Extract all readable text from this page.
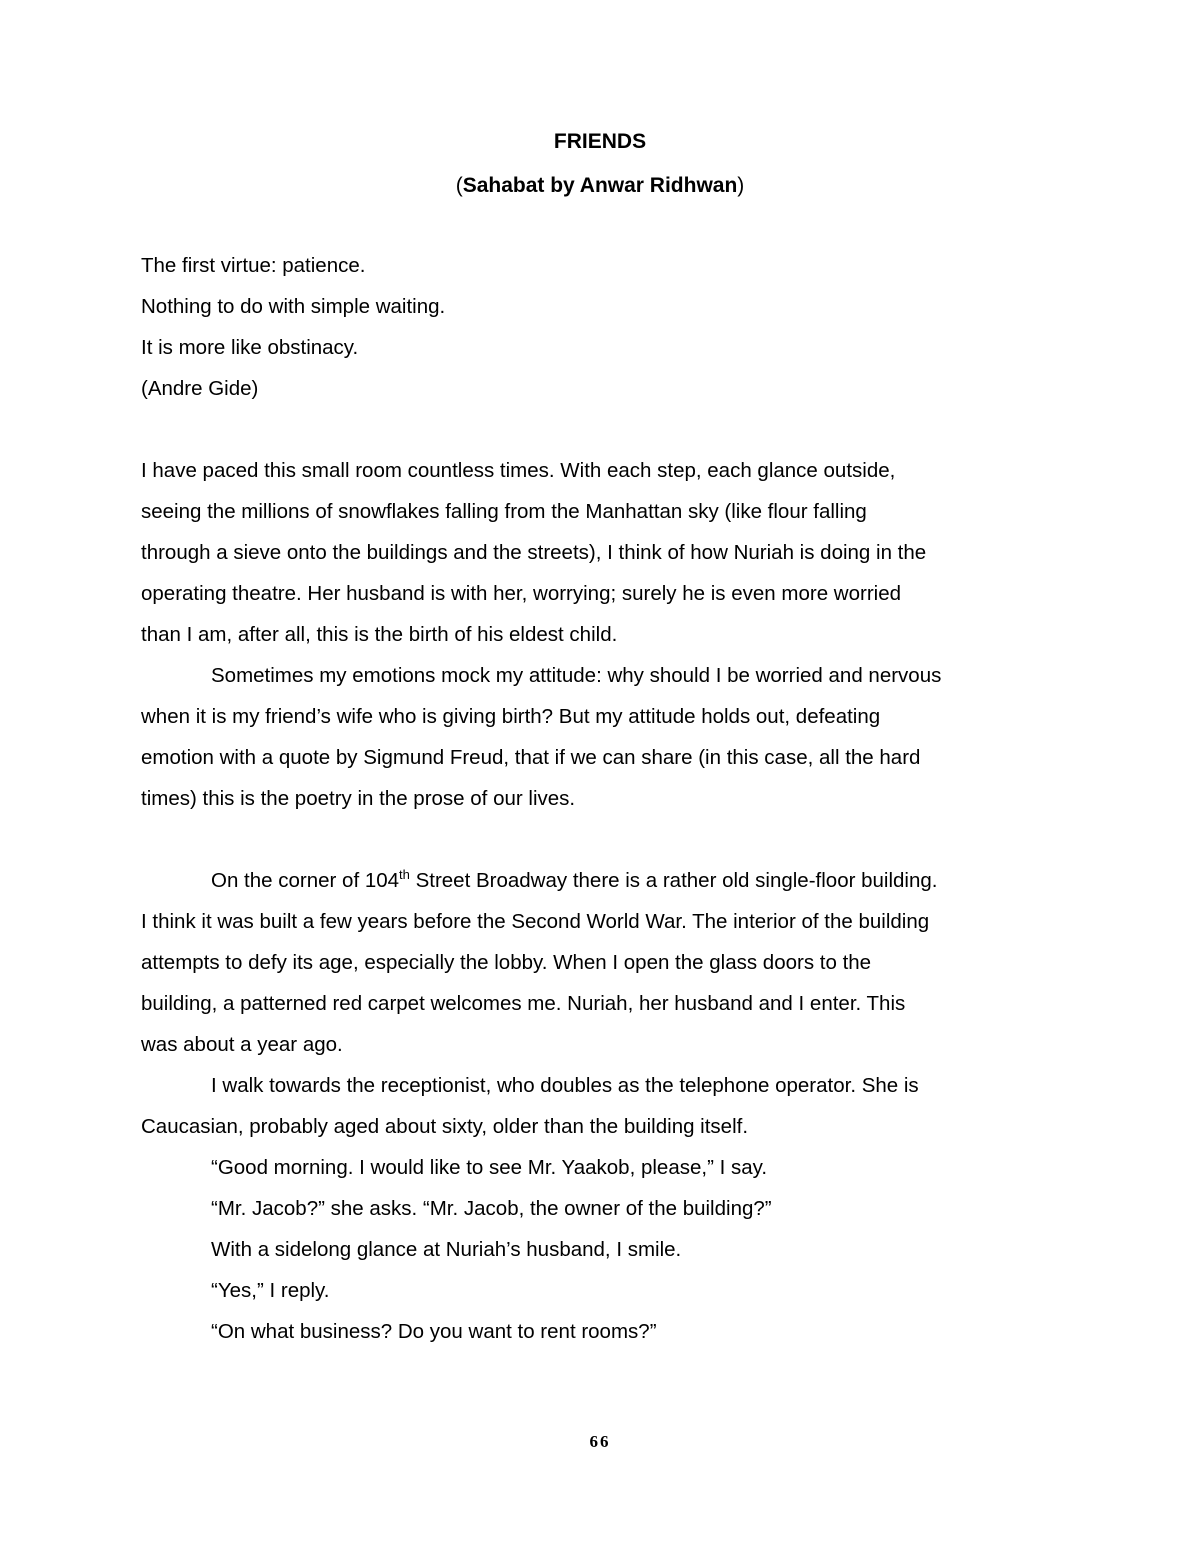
FRIENDS
(Sahabat by Anwar Ridhwan)
The first virtue: patience.
Nothing to do with simple waiting.
It is more like obstinacy.
(Andre Gide)
I have paced this small room countless times. With each step, each glance outside,
seeing the millions of snowflakes falling from the Manhattan sky (like flour falling
through a sieve onto the buildings and the streets), I think of how Nuriah is doing in the
operating theatre. Her husband is with her, worrying; surely he is even more worried
than I am, after all, this is the birth of his eldest child.
Sometimes my emotions mock my attitude: why should I be worried and nervous
when it is my friend’s wife who is giving birth? But my attitude holds out, defeating
emotion with a quote by Sigmund Freud, that if we can share (in this case, all the hard
times) this is the poetry in the prose of our lives.
On the corner of 104th Street Broadway there is a rather old single-floor building.
I think it was built a few years before the Second World War. The interior of the building
attempts to defy its age, especially the lobby. When I open the glass doors to the
building, a patterned red carpet welcomes me. Nuriah, her husband and I enter. This
was about a year ago.
I walk towards the receptionist, who doubles as the telephone operator. She is
Caucasian, probably aged about sixty, older than the building itself.
“Good morning. I would like to see Mr. Yaakob, please,” I say.
“Mr. Jacob?” she asks. “Mr. Jacob, the owner of the building?”
With a sidelong glance at Nuriah’s husband, I smile.
“Yes,” I reply.
“On what business? Do you want to rent rooms?”
66
